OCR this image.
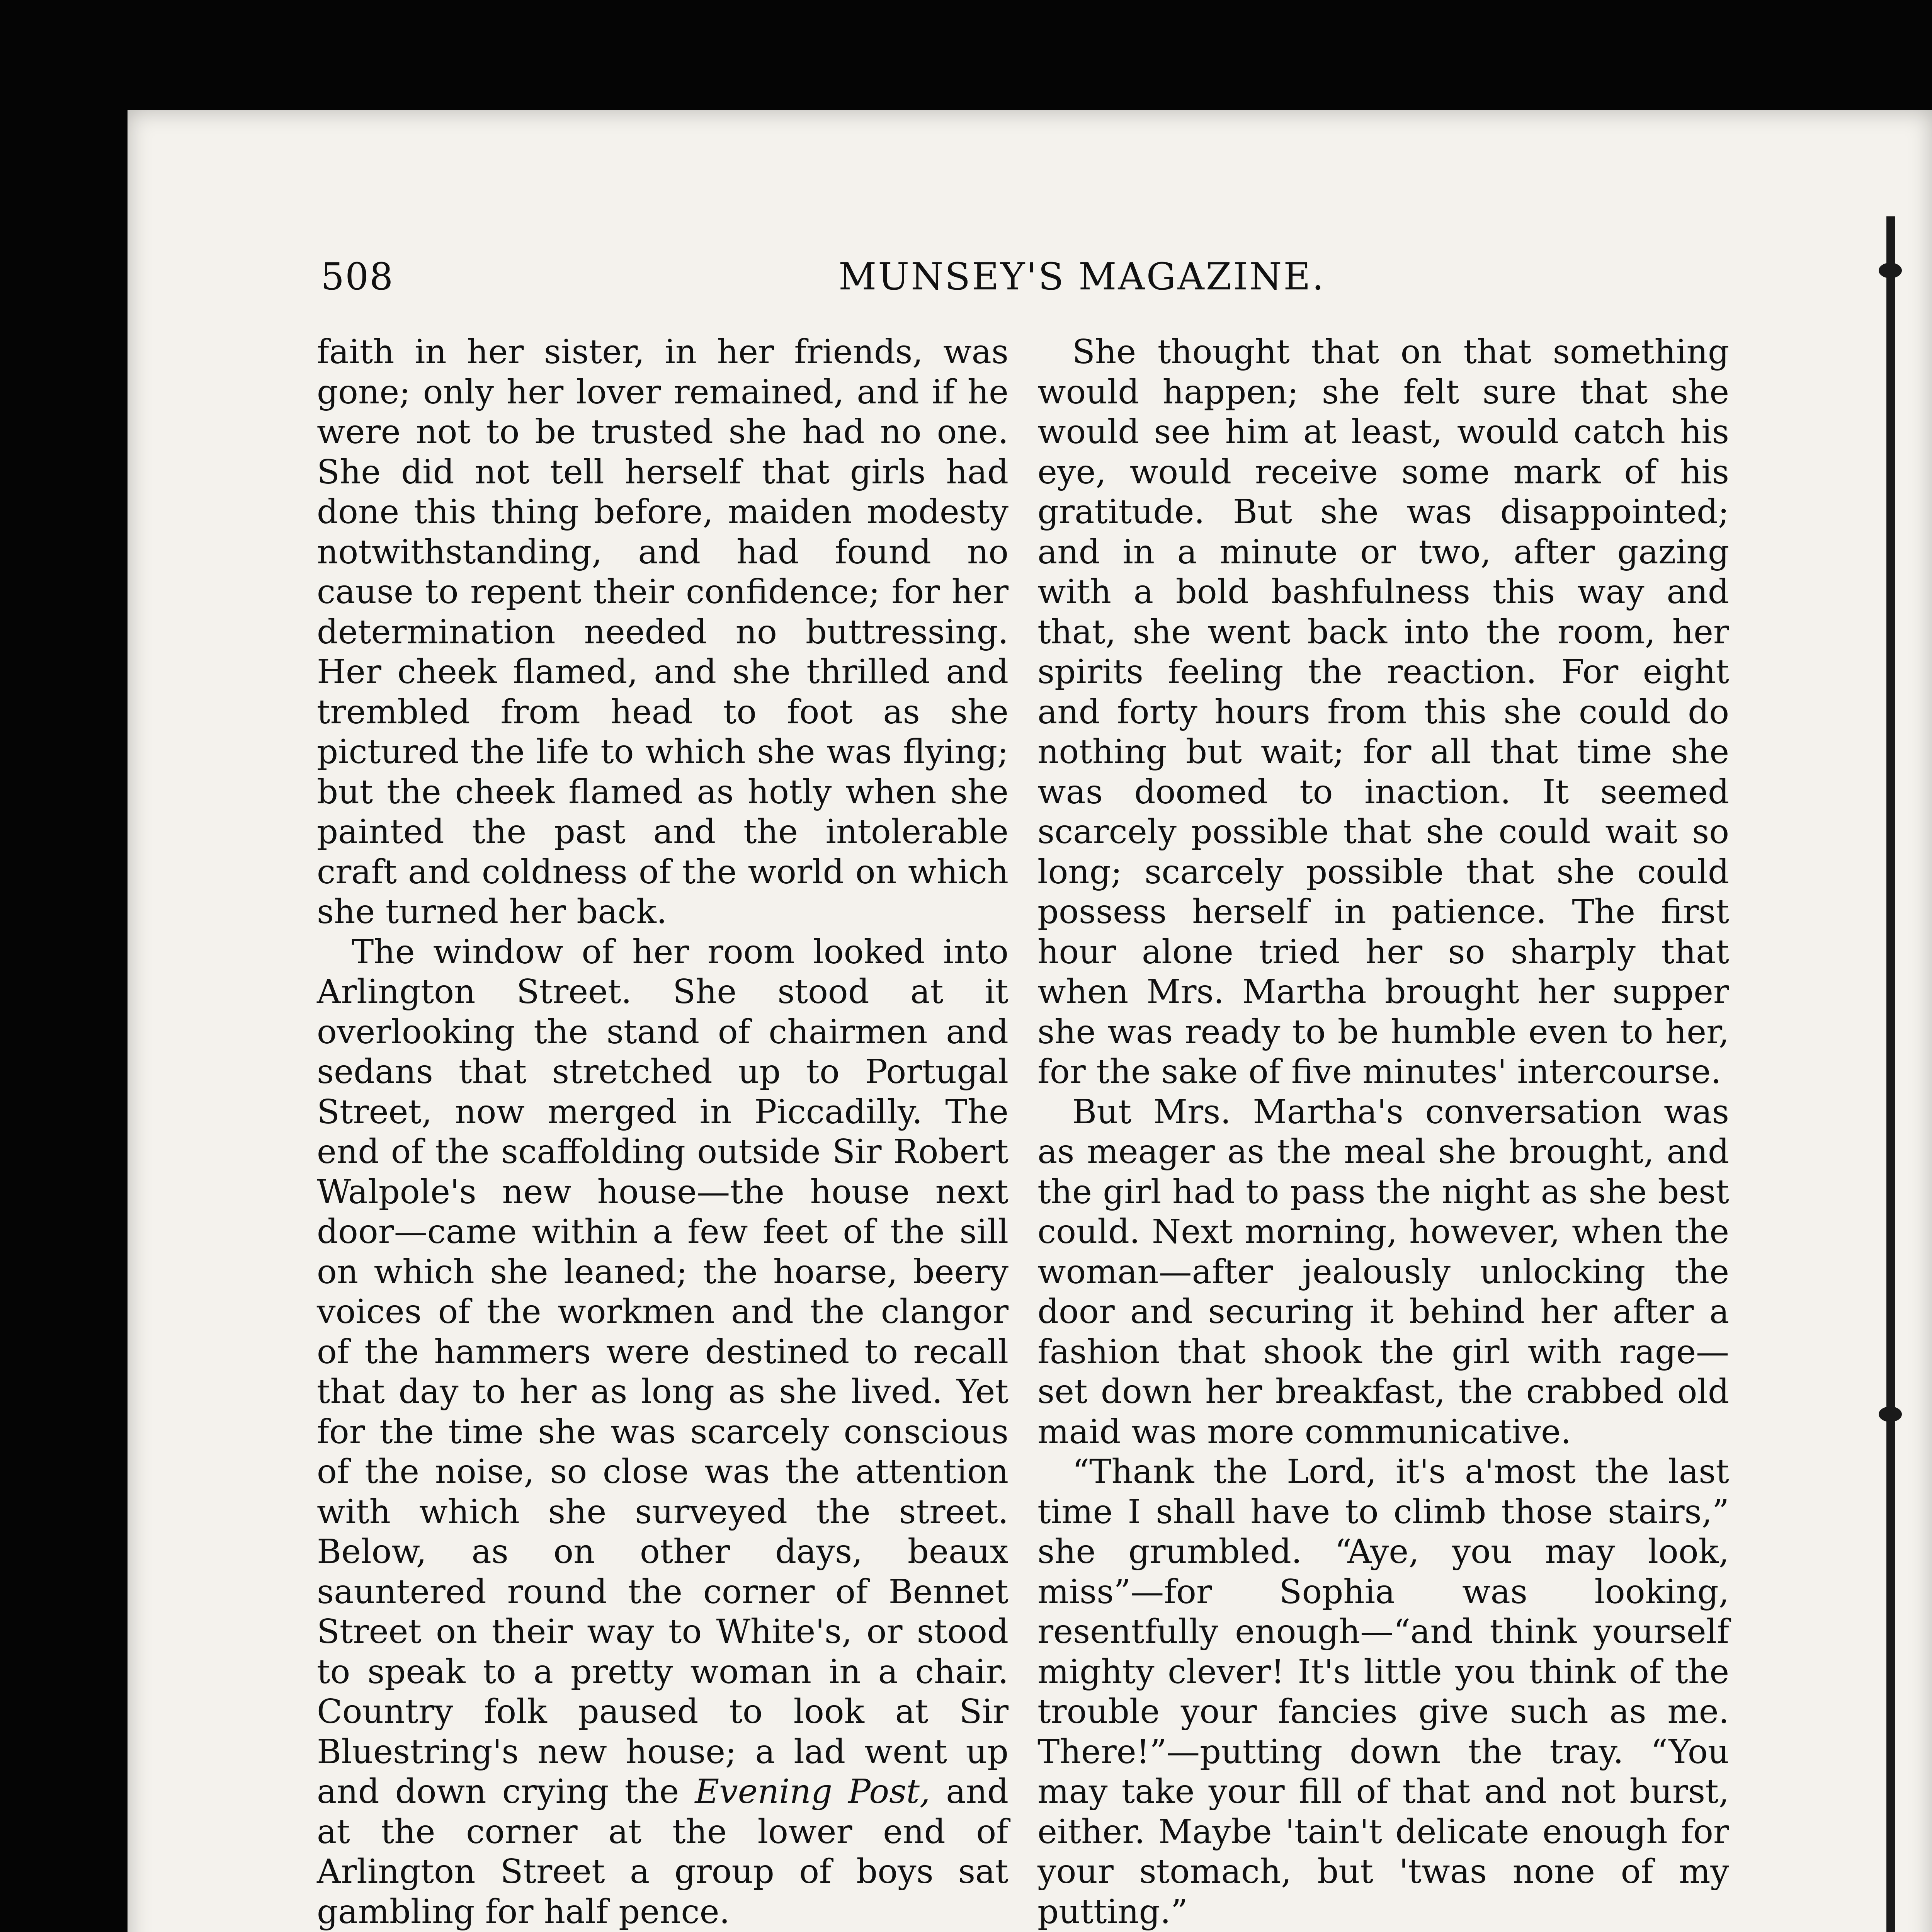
508	MUNSEY'S MAGAZINE.

faith in her sister, in her friends, was gone; only her lover remained, and if he were not to be trusted she had no one. She did not tell herself that girls had done this thing before, maiden modesty notwithstanding, and had found no cause to repent their confidence; for her determination needed no buttressing. Her cheek flamed, and she thrilled and trembled from head to foot as she pictured the life to which she was flying; but the cheek flamed as hotly when she painted the past and the intolerable craft and coldness of the world on which she turned her back.

The window of her room looked into Arlington Street. She stood at it overlooking the stand of chairmen and sedans that stretched up to Portugal Street, now merged in Piccadilly. The end of the scaffolding outside Sir Robert Walpole's new house—the house next door—came within a few feet of the sill on which she leaned; the hoarse, beery voices of the workmen and the clangor of the hammers were destined to recall that day to her as long as she lived. Yet for the time she was scarcely conscious of the noise, so close was the attention with which she surveyed the street. Below, as on other days, beaux sauntered round the corner of Bennet Street on their way to White's, or stood to speak to a pretty woman in a chair. Country folk paused to look at Sir Bluestring's new house; a lad went up and down crying the Evening Post, and at the corner at the lower end of Arlington Street a group of boys sat gambling for half pence.

She thought that on that something would happen; she felt sure that she would see him at least, would catch his eye, would receive some mark of his gratitude. But she was disappointed; and in a minute or two, after gazing with a bold bashfulness this way and that, she went back into the room, her spirits feeling the reaction. For eight and forty hours from this she could do nothing but wait; for all that time she was doomed to inaction. It seemed scarcely possible that she could wait so long; scarcely possible that she could possess herself in patience. The first hour alone tried her so sharply that when Mrs. Martha brought her supper she was ready to be humble even to her, for the sake of five minutes' intercourse.

But Mrs. Martha's conversation was as meager as the meal she brought, and the girl had to pass the night as she best could. Next morning, however, when the woman—after jealously unlocking the door and securing it behind her after a fashion that shook the girl with rage—set down her breakfast, the crabbed old maid was more communicative.

“Thank the Lord, it's a'most the last time I shall have to climb those stairs,” she grumbled. “Aye, you may look, miss”—for Sophia was looking, resentfully enough—“and think yourself mighty clever! It's little you think of the trouble your fancies give such as me. There!”—putting down the tray. “You may take your fill of that and not burst, either. Maybe 'tain't delicate enough for your stomach, but 'twas none of my putting.”
